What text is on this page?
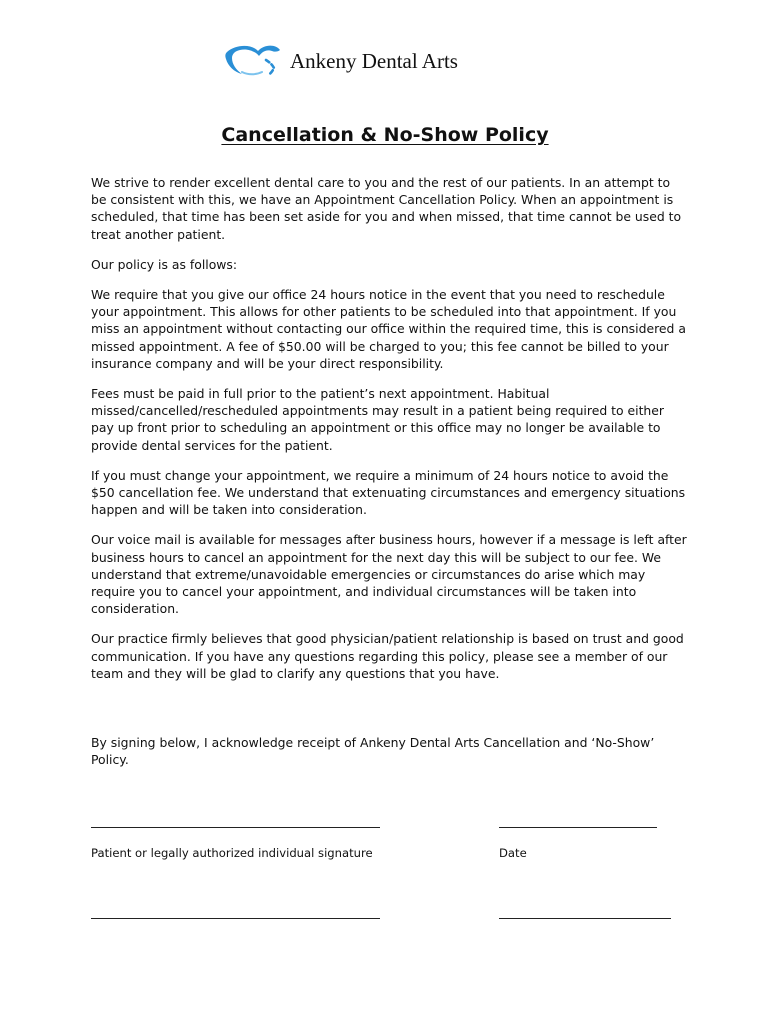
Ankeny Dental Arts
Cancellation & No-Show Policy

We strive to render excellent dental care to you and the rest of our patients. In an attempt to be consistent with this, we have an Appointment Cancellation Policy. When an appointment is scheduled, that time has been set aside for you and when missed, that time cannot be used to treat another patient.

Our policy is as follows:

We require that you give our office 24 hours notice in the event that you need to reschedule your appointment. This allows for other patients to be scheduled into that appointment. If you miss an appointment without contacting our office within the required time, this is considered a missed appointment. A fee of $50.00 will be charged to you; this fee cannot be billed to your insurance company and will be your direct responsibility.

Fees must be paid in full prior to the patient’s next appointment. Habitual missed/cancelled/rescheduled appointments may result in a patient being required to either pay up front prior to scheduling an appointment or this office may no longer be available to provide dental services for the patient.

If you must change your appointment, we require a minimum of 24 hours notice to avoid the $50 cancellation fee. We understand that extenuating circumstances and emergency situations happen and will be taken into consideration.

Our voice mail is available for messages after business hours, however if a message is left after business hours to cancel an appointment for the next day this will be subject to our fee. We understand that extreme/unavoidable emergencies or circumstances do arise which may require you to cancel your appointment, and individual circumstances will be taken into consideration.

Our practice firmly believes that good physician/patient relationship is based on trust and good communication. If you have any questions regarding this policy, please see a member of our team and they will be glad to clarify any questions that you have.

By signing below, I acknowledge receipt of Ankeny Dental Arts Cancellation and ‘No-Show’ Policy.

Patient or legally authorized individual signature	Date
